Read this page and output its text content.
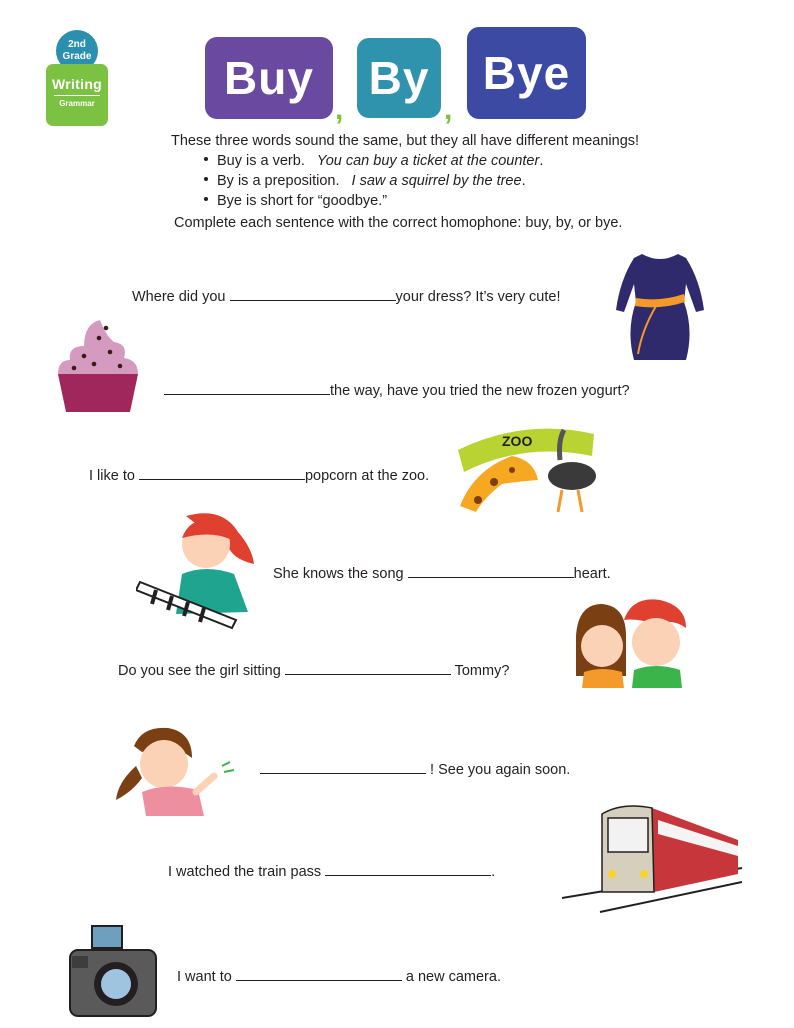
2nd Grade
Writing
Grammar	Buy
,
By
,
Bye
These three words sound the same, but they all have different meanings!
Buy is a verb. You can buy a ticket at the counter.
By is a preposition. I saw a squirrel by the tree.
Bye is short for “goodbye.”
Complete each sentence with the correct homophone: buy, by, or bye.
Where did you	your dress? It’s very cute!
the way, have you tried the new frozen yogurt?
I like to	popcorn at the zoo.
She knows the song	heart.
Do you see the girl sitting	Tommy?
! See you again soon.
I watched the train pass	.
I want to	a new camera.
ZOO
